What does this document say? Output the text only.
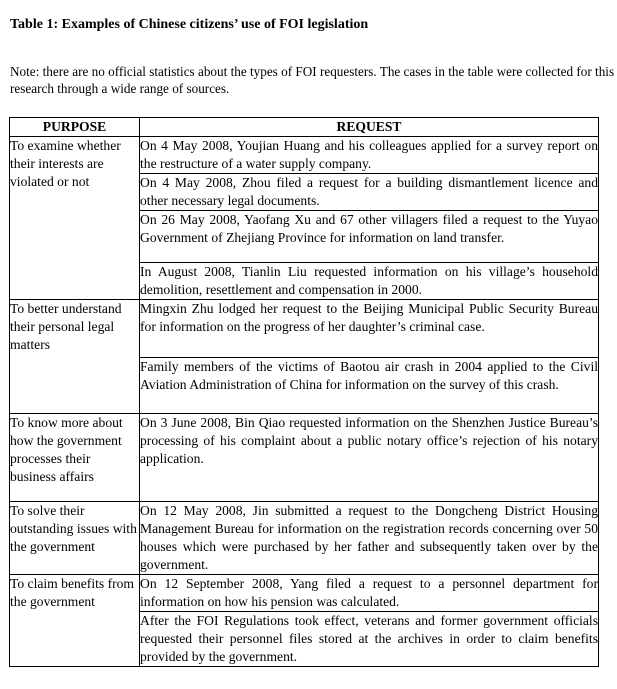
Table 1: Examples of Chinese citizens’ use of FOI legislation
Note: there are no official statistics about the types of FOI requesters. The cases in the table were collected for this research through a wide range of sources.
PURPOSE	REQUEST
To examine whether their interests are violated or not	On 4 May 2008, Youjian Huang and his colleagues applied for a survey report on the restructure of a water supply company.
	On 4 May 2008, Zhou filed a request for a building dismantlement licence and other necessary legal documents.
	On 26 May 2008, Yaofang Xu and 67 other villagers filed a request to the Yuyao Government of Zhejiang Province for information on land transfer.
	In August 2008, Tianlin Liu requested information on his village’s household demolition, resettlement and compensation in 2000.
To better understand their personal legal matters	Mingxin Zhu lodged her request to the Beijing Municipal Public Security Bureau for information on the progress of her daughter’s criminal case.
	Family members of the victims of Baotou air crash in 2004 applied to the Civil Aviation Administration of China for information on the survey of this crash.
To know more about how the government processes their business affairs	On 3 June 2008, Bin Qiao requested information on the Shenzhen Justice Bureau’s processing of his complaint about a public notary office’s rejection of his notary application.
To solve their outstanding issues with the government	On 12 May 2008, Jin submitted a request to the Dongcheng District Housing Management Bureau for information on the registration records concerning over 50 houses which were purchased by her father and subsequently taken over by the government.
To claim benefits from the government	On 12 September 2008, Yang filed a request to a personnel department for information on how his pension was calculated.
	After the FOI Regulations took effect, veterans and former government officials requested their personnel files stored at the archives in order to claim benefits provided by the government.
